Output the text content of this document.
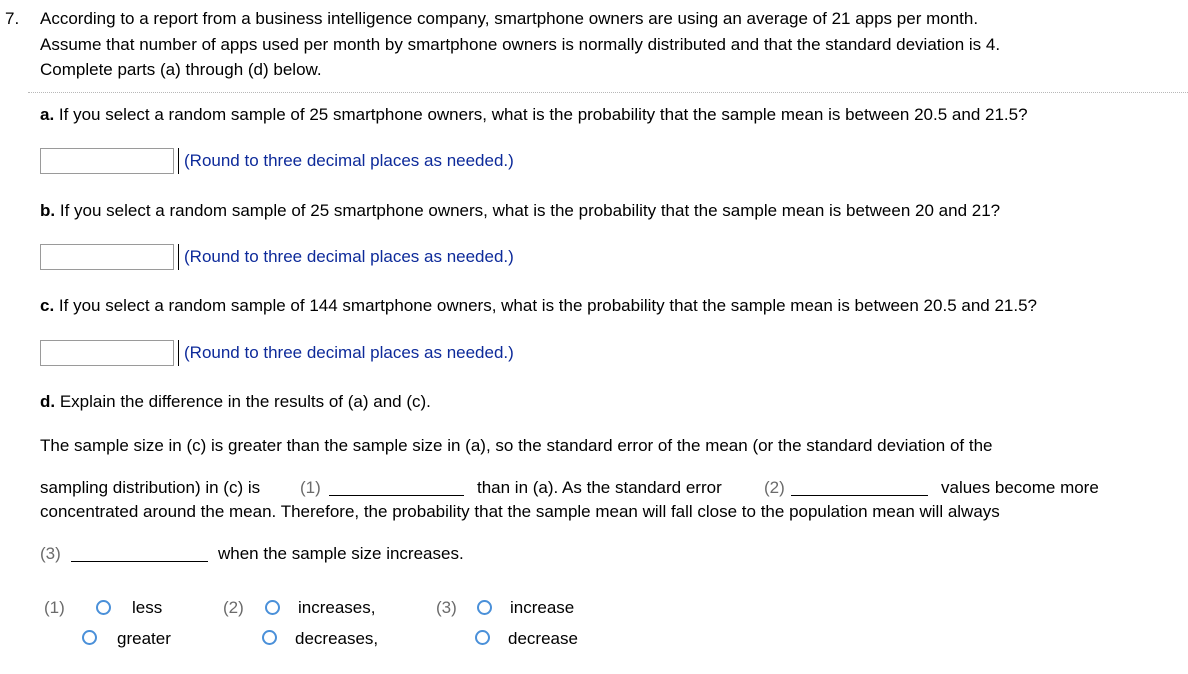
7. According to a report from a business intelligence company, smartphone owners are using an average of 21 apps per month.
Assume that number of apps used per month by smartphone owners is normally distributed and that the standard deviation is 4.
Complete parts (a) through (d) below.
a. If you select a random sample of 25 smartphone owners, what is the probability that the sample mean is between 20.5 and 21.5?
(Round to three decimal places as needed.)
b. If you select a random sample of 25 smartphone owners, what is the probability that the sample mean is between 20 and 21?
(Round to three decimal places as needed.)
c. If you select a random sample of 144 smartphone owners, what is the probability that the sample mean is between 20.5 and 21.5?
(Round to three decimal places as needed.)
d. Explain the difference in the results of (a) and (c).
The sample size in (c) is greater than the sample size in (a), so the standard error of the mean (or the standard deviation of the
sampling distribution) in (c) is (1)	than in (a). As the standard error (2)	values become more
concentrated around the mean. Therefore, the probability that the sample mean will fall close to the population mean will always
(3)	when the sample size increases.
(1)	less
greater
(2)	increases,
decreases,
(3)	increase
decrease
